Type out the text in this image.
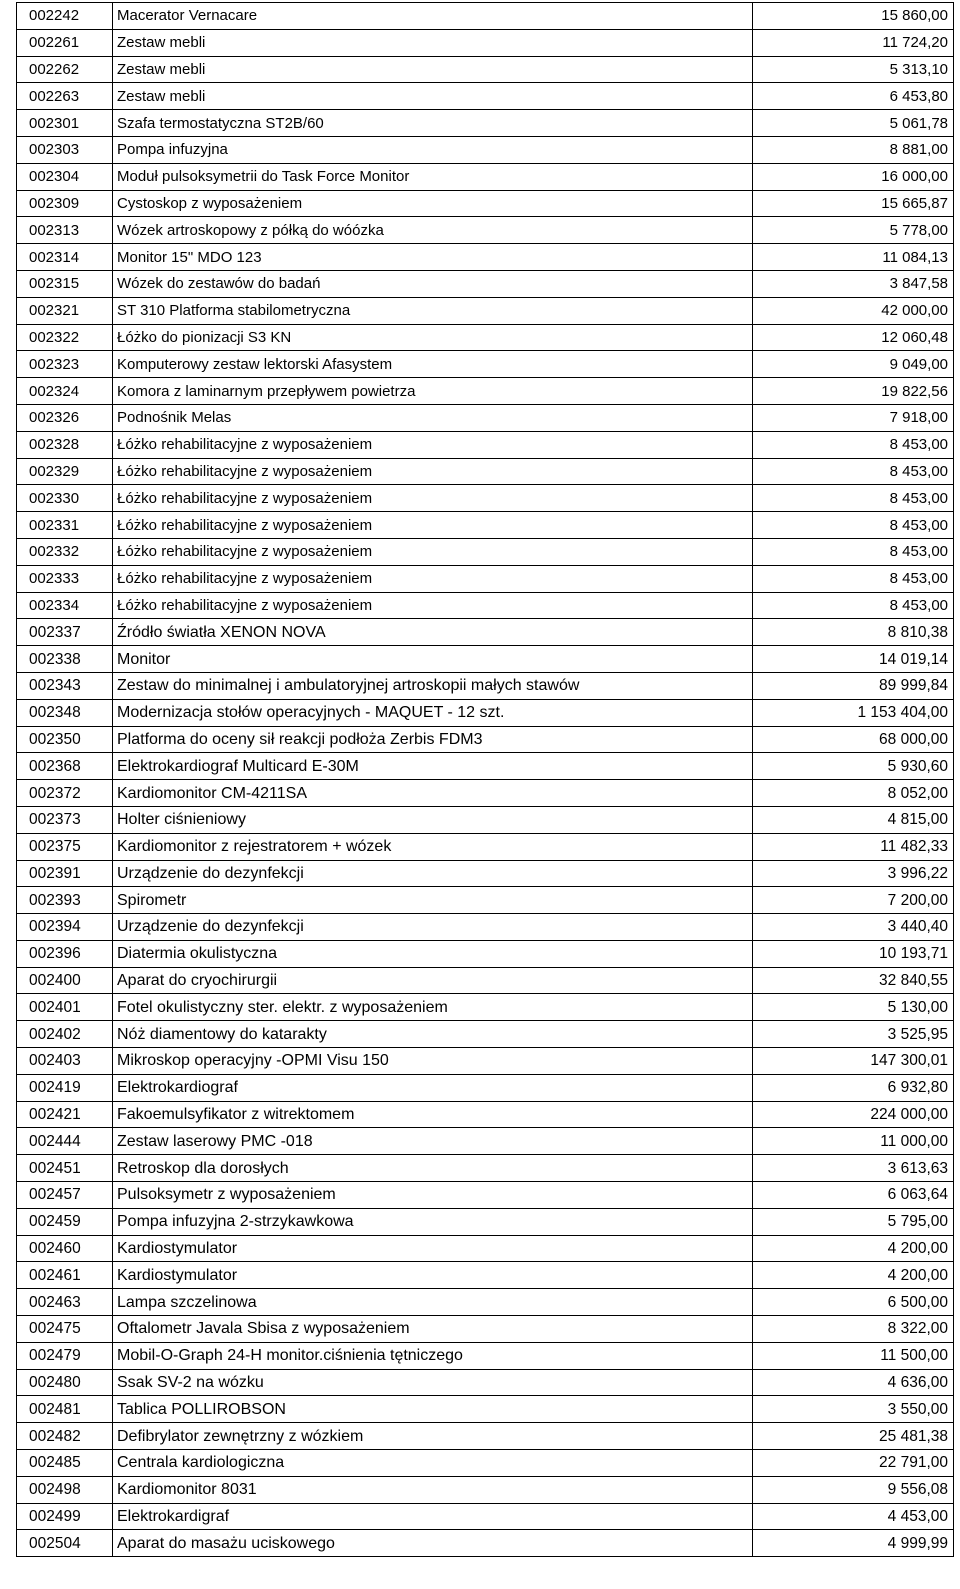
002242	Macerator Vernacare	15 860,00
002261	Zestaw mebli	11 724,20
002262	Zestaw mebli	5 313,10
002263	Zestaw mebli	6 453,80
002301	Szafa termostatyczna ST2B/60	5 061,78
002303	Pompa infuzyjna	8 881,00
002304	Moduł pulsoksymetrii do Task Force Monitor	16 000,00
002309	Cystoskop z wyposażeniem	15 665,87
002313	Wózek artroskopowy z półką do wóózka	5 778,00
002314	Monitor 15" MDO 123	11 084,13
002315	Wózek do zestawów do badań	3 847,58
002321	ST 310 Platforma stabilometryczna	42 000,00
002322	Łóżko do pionizacji S3 KN	12 060,48
002323	Komputerowy zestaw lektorski Afasystem	9 049,00
002324	Komora z laminarnym przepływem powietrza	19 822,56
002326	Podnośnik Melas	7 918,00
002328	Łóżko rehabilitacyjne z wyposażeniem	8 453,00
002329	Łóżko rehabilitacyjne z wyposażeniem	8 453,00
002330	Łóżko rehabilitacyjne z wyposażeniem	8 453,00
002331	Łóżko rehabilitacyjne z wyposażeniem	8 453,00
002332	Łóżko rehabilitacyjne z wyposażeniem	8 453,00
002333	Łóżko rehabilitacyjne z wyposażeniem	8 453,00
002334	Łóżko rehabilitacyjne z wyposażeniem	8 453,00
002337	Źródło światła XENON NOVA	8 810,38
002338	Monitor	14 019,14
002343	Zestaw do minimalnej i ambulatoryjnej artroskopii małych stawów	89 999,84
002348	Modernizacja stołów operacyjnych - MAQUET - 12 szt.	1 153 404,00
002350	Platforma do oceny sił reakcji podłoża Zerbis FDM3	68 000,00
002368	Elektrokardiograf Multicard E-30M	5 930,60
002372	Kardiomonitor CM-4211SA	8 052,00
002373	Holter ciśnieniowy	4 815,00
002375	Kardiomonitor z rejestratorem + wózek	11 482,33
002391	Urządzenie do dezynfekcji	3 996,22
002393	Spirometr	7 200,00
002394	Urządzenie do dezynfekcji	3 440,40
002396	Diatermia okulistyczna	10 193,71
002400	Aparat do cryochirurgii	32 840,55
002401	Fotel okulistyczny ster. elektr. z wyposażeniem	5 130,00
002402	Nóż diamentowy do katarakty	3 525,95
002403	Mikroskop operacyjny -OPMI Visu 150	147 300,01
002419	Elektrokardiograf	6 932,80
002421	Fakoemulsyfikator z witrektomem	224 000,00
002444	Zestaw laserowy PMC -018	11 000,00
002451	Retroskop dla dorosłych	3 613,63
002457	Pulsoksymetr z wyposażeniem	6 063,64
002459	Pompa infuzyjna 2-strzykawkowa	5 795,00
002460	Kardiostymulator	4 200,00
002461	Kardiostymulator	4 200,00
002463	Lampa szczelinowa	6 500,00
002475	Oftalometr Javala Sbisa z wyposażeniem	8 322,00
002479	Mobil-O-Graph 24-H monitor.ciśnienia tętniczego	11 500,00
002480	Ssak SV-2 na wózku	4 636,00
002481	Tablica POLLIROBSON	3 550,00
002482	Defibrylator zewnętrzny z wózkiem	25 481,38
002485	Centrala kardiologiczna	22 791,00
002498	Kardiomonitor 8031	9 556,08
002499	Elektrokardigraf	4 453,00
002504	Aparat do masażu uciskowego	4 999,99
